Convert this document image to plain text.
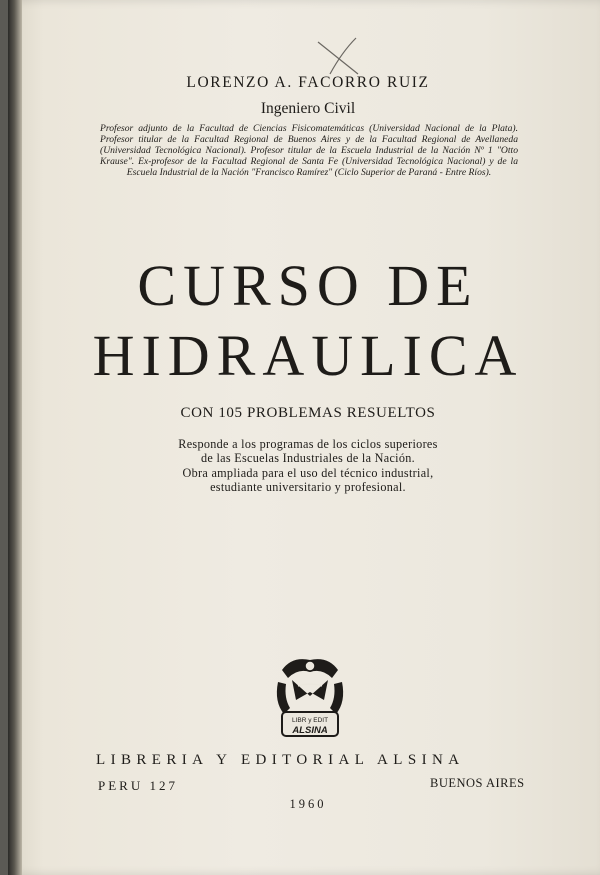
LORENZO A. FACORRO RUIZ
Ingeniero Civil
Profesor adjunto de la Facultad de Ciencias Fisicomatemáticas (Universidad Nacional de la Plata). Profesor titular de la Facultad Regional de Buenos Aires y de la Facultad Regional de Avellaneda (Universidad Tecnológica Nacional). Profesor titular de la Escuela Industrial de la Nación Nº 1 "Otto Krause". Ex-profesor de la Facultad Regional de Santa Fe (Universidad Tecnológica Nacional) y de la Escuela Industrial de la Nación "Francisco Ramírez" (Ciclo Superior de Paraná - Entre Ríos).
CURSO DE
HIDRAULICA
CON 105 PROBLEMAS RESUELTOS
Responde a los programas de los ciclos superiores
de las Escuelas Industriales de la Nación.
Obra ampliada para el uso del técnico industrial,
estudiante universitario y profesional.
LIBR y EDIT
ALSINA
LIBRERIA Y EDITORIAL ALSINA
PERU 127	BUENOS AIRES
1960
